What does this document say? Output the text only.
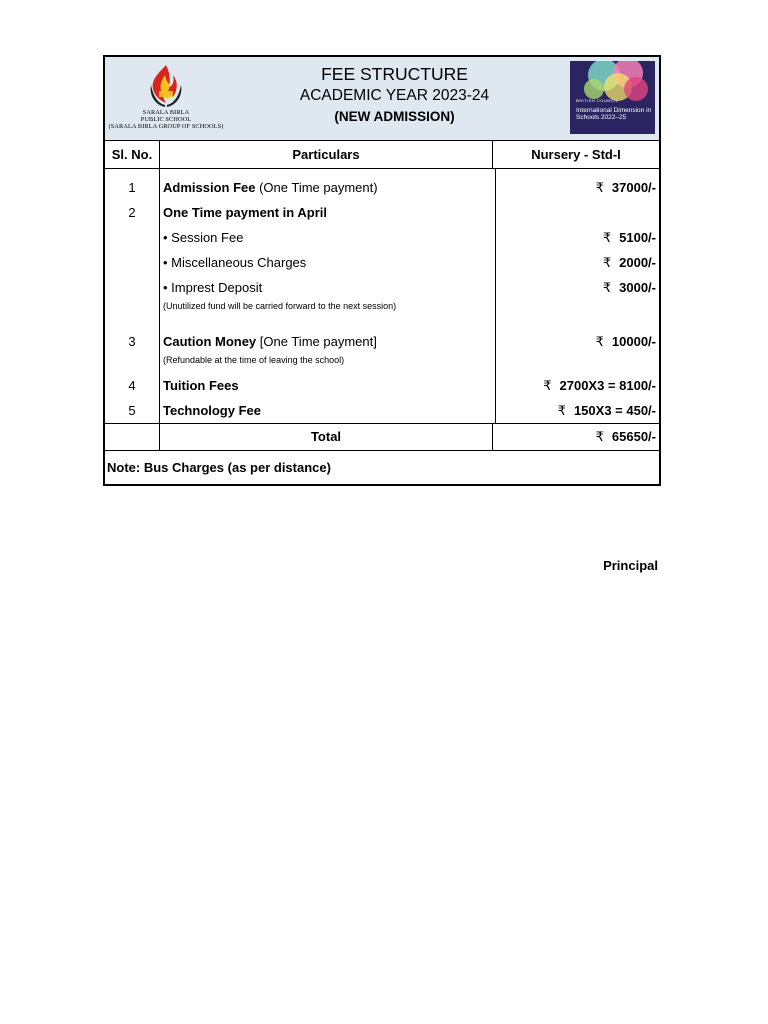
SARALA BIRLA
PUBLIC SCHOOL
(SARALA BIRLA GROUP OF SCHOOLS)
FEE STRUCTURE
ACADEMIC YEAR 2023-24
(NEW ADMISSION)
BRITISH COUNCIL
International Dimension in Schools 2022–25
Sl. No.	Particulars	Nursery - Std-I
1	Admission Fee (One Time payment)	₹ 37000/-
2	One Time payment in April
• Session Fee	₹ 5100/-
• Miscellaneous Charges	₹ 2000/-
• Imprest Deposit	₹ 3000/-
(Unutilized fund will be carried forward to the next session)
3	Caution Money [One Time payment]	₹ 10000/-
(Refundable at the time of leaving the school)
4	Tuition Fees	₹ 2700X3 = 8100/-
5	Technology Fee	₹ 150X3 = 450/-
Total	₹ 65650/-
Note: Bus Charges (as per distance)
Principal
